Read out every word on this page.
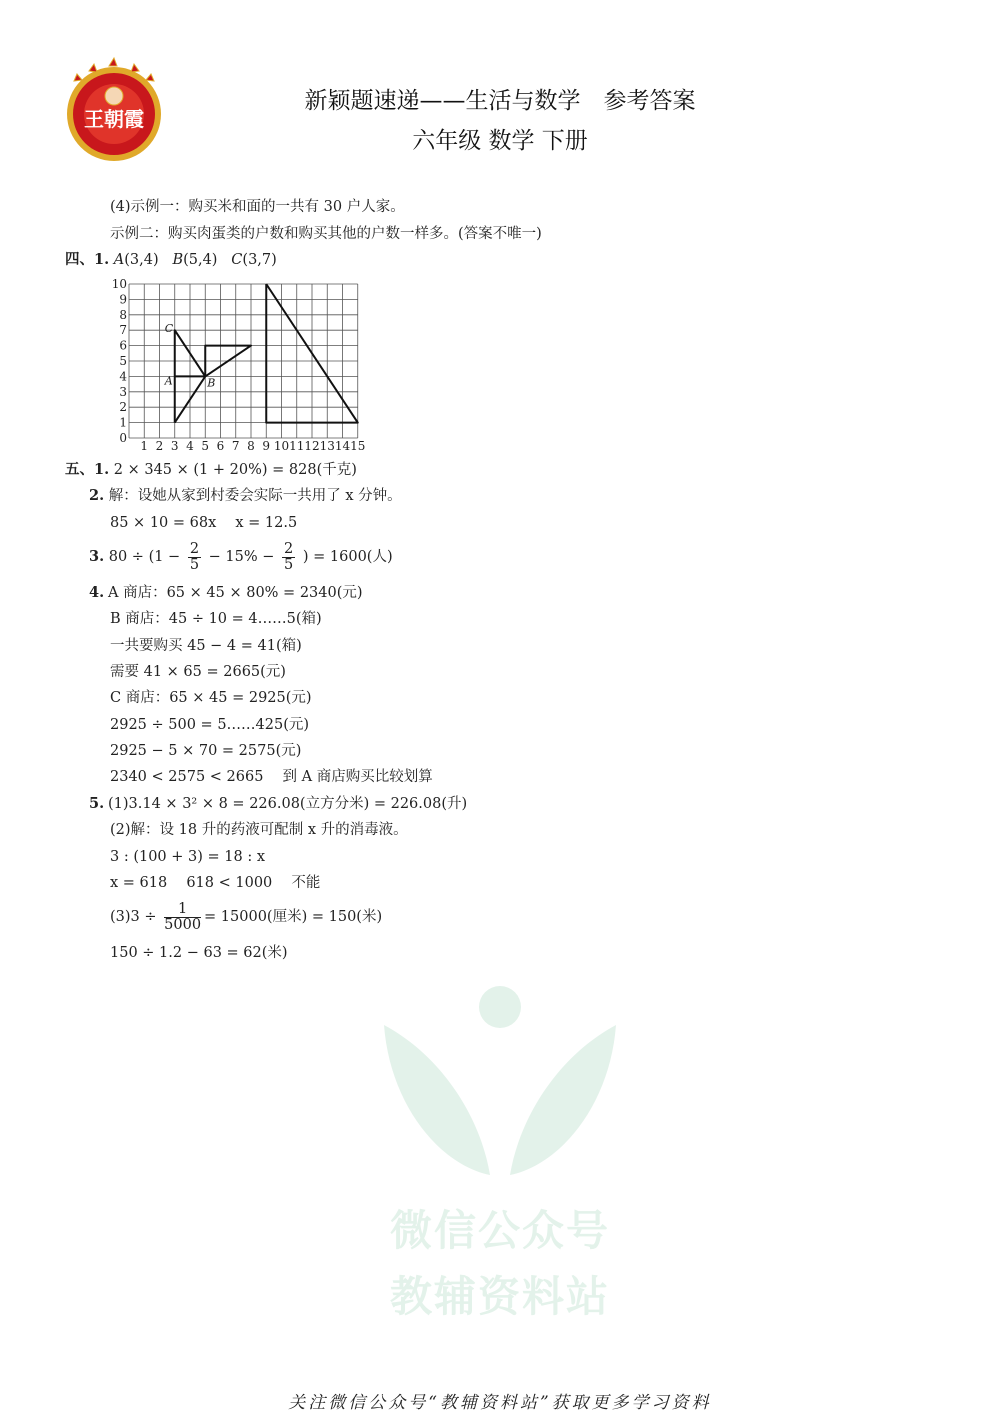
王朝霞
新颖题速递——生活与数学　参考答案
六年级 数学 下册
(4)示例一：购买米和面的一共有 30 户人家。
示例二：购买肉蛋类的户数和购买其他的户数一样多。(答案不唯一)
四、1. A(3,4) B(5,4) C(3,7)
1 2 3 4 5 6 7 8 9 10 11 12 13 14 15
0
1
2
3
4
5
6
7
8
9
10
C
A	B
五、1. 2 × 345 × (1 + 20%) = 828(千克)
2. 解：设她从家到村委会实际一共用了 x 分钟。
85 × 10 = 68x　 x = 12.5
3. $80 \div (1 - \frac{2}{5} - 15\% - \frac{2}{5}$ ) = 1600(人)
4. A 商店：65 × 45 × 80% = 2340(元)
B 商店：45 ÷ 10 = 4……5(箱)
一共要购买 45 − 4 = 41(箱)
需要 41 × 65 = 2665(元)
C 商店：65 × 45 = 2925(元)
2925 ÷ 500 = 5……425(元)
2925 − 5 × 70 = 2575(元)
2340 < 2575 < 2665　 到 A 商店购买比较划算
5. (1)3.14 × 3² × 8 = 226.08(立方分米) = 226.08(升)
(2)解：设 18 升的药液可配制 x 升的消毒液。
3 : (100 + 3) = 18 : x
x = 618　 618 < 1000　 不能
$(3)3 \div \frac{1}{5000} = 15000$(厘米) = 150(米)
150 ÷ 1.2 − 63 = 62(米)
微信公众号
教辅资料站
关注微信公众号“教辅资料站”获取更多学习资料
